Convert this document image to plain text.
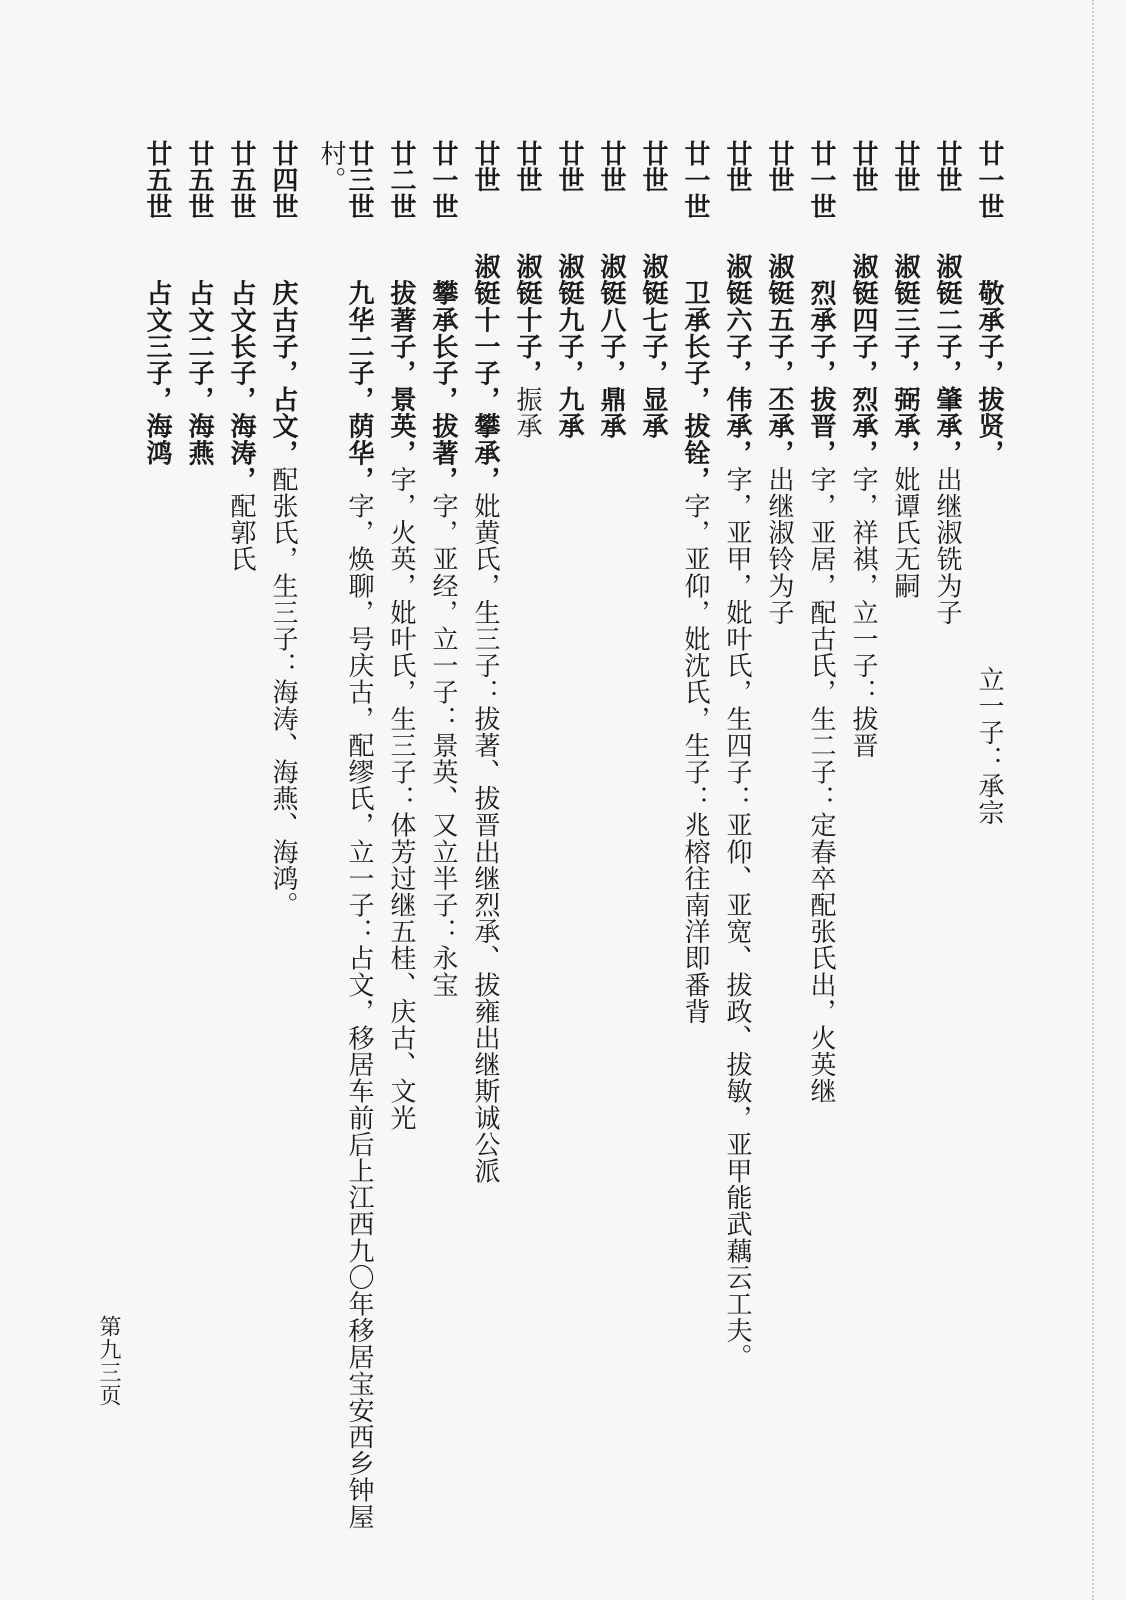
廿一世敬承子，拔贤，立一子：承宗
廿世淑铤二子，肇承，出继淑铣为子
廿世淑铤三子，弼承，妣谭氏无嗣
廿世淑铤四子，烈承，字，祥祺，立一子：拔晋
廿一世烈承子，拔晋，字，亚居，配古氏，生二子：定春卒配张氏出，火英继
廿世淑铤五子，丕承，出继淑铃为子
廿世淑铤六子，伟承，字，亚甲，妣叶氏，生四子：亚仰、亚宽、拔政、拔敏，亚甲能武藕云工夫。
廿一世卫承长子，拔铨，字，亚仰，妣沈氏，生子：兆榕往南洋即番背
廿世淑铤七子，显承
廿世淑铤八子，鼎承
廿世淑铤九子，九承
廿世淑铤十子，振承
廿世淑铤十一子，攀承，妣黄氏，生三子：拔著、拔晋出继烈承、拔雍出继斯诚公派
廿一世攀承长子，拔著，字，亚经，立一子：景英、又立半子：永宝
廿二世拔著子，景英，字，火英，妣叶氏，生三子：体芳过继五桂、庆古、文光
廿三世九华二子，荫华，字，焕聊，号庆古，配缪氏，立一子：占文，移居车前后上江西九〇年移居宝安西乡钟屋
村。
廿四世庆古子，占文，配张氏，生三子：海涛、海燕、海鸿。
廿五世占文长子，海涛，配郭氏
廿五世占文二子，海燕
廿五世占文三子，海鸿
第九三页
